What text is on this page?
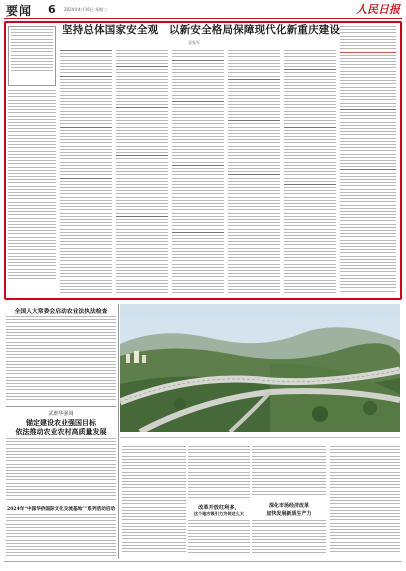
要闻 6 2024年4月16日 星期二	人民日报
坚持总体国家安全观　以新安全格局保障现代化新重庆建设
袁家军
全国人大常委会启动农业法执法检查
武维华强调
锚定建设农业强国目标
依法推动农业农村高质量发展
2024年“中国华侨国际文化交流基地””系列活动启动	改革开放红利多，
这个地方吸引力为何这么大
深化市场经济改革
加快发展新质生产力
